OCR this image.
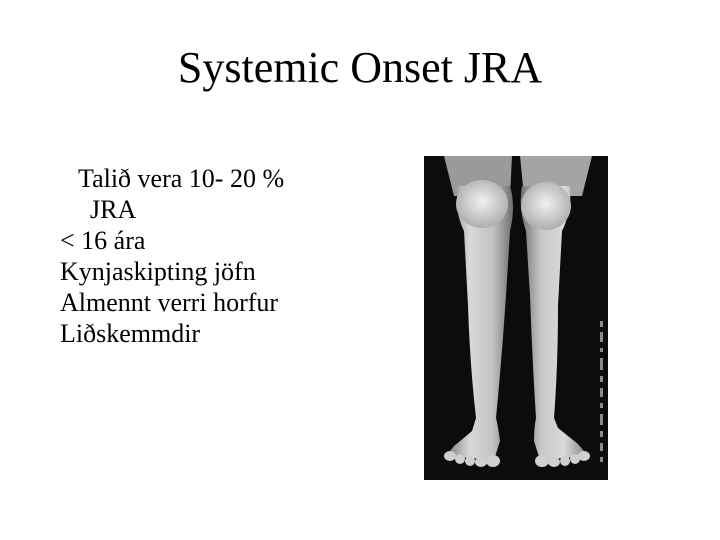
Systemic Onset JRA
Talið vera 10- 20 %
JRA
< 16 ára
Kynjaskipting jöfn
Almennt verri horfur
Liðskemmdir
